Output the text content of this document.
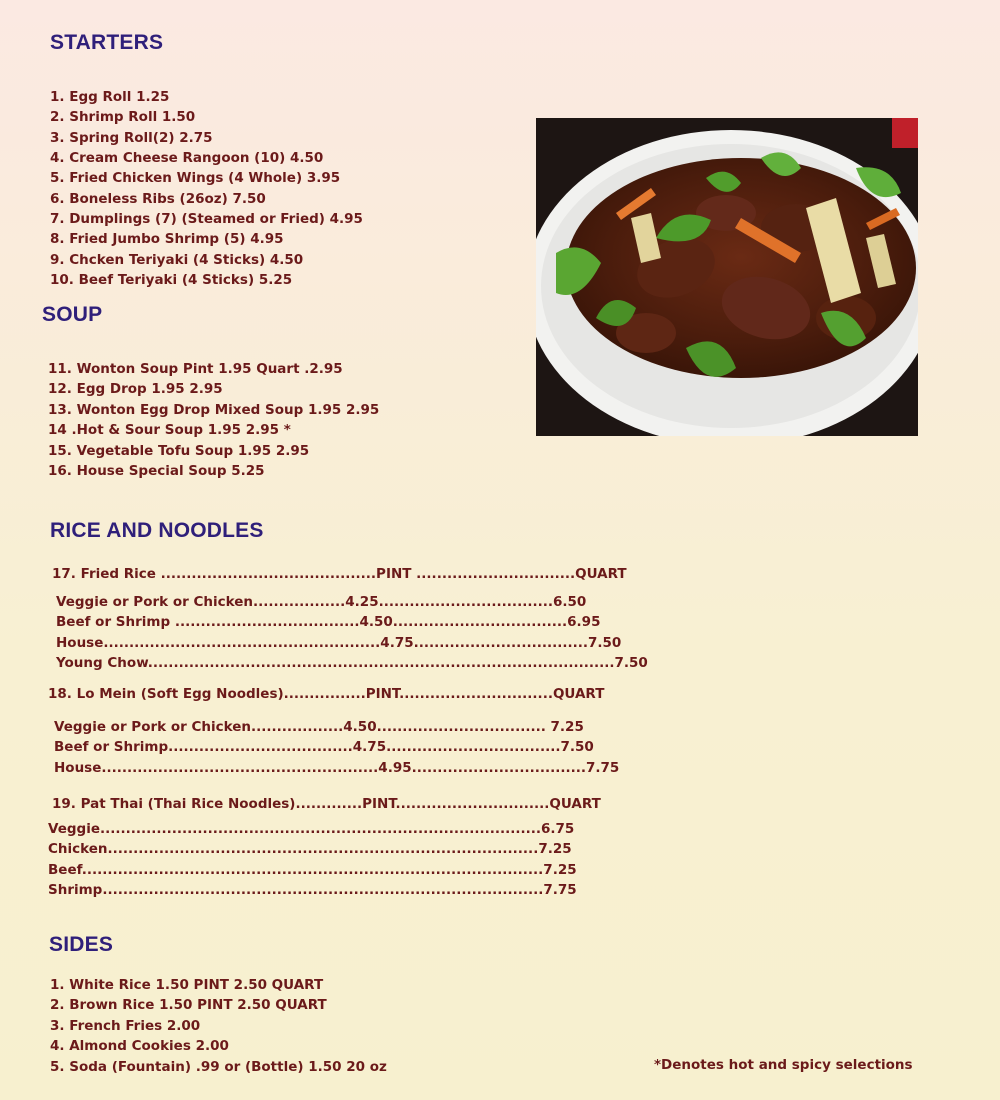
STARTERS

1. Egg Roll 1.25

2. Shrimp Roll 1.50

3. Spring Roll(2) 2.75

4. Cream Cheese Rangoon (10) 4.50

5. Fried Chicken Wings (4 Whole) 3.95

6. Boneless Ribs (26oz) 7.50

7. Dumplings (7) (Steamed or Fried) 4.95

8. Fried Jumbo Shrimp (5) 4.95

9. Chcken Teriyaki (4 Sticks) 4.50

10. Beef Teriyaki (4 Sticks) 5.25

SOUP

11. Wonton Soup Pint 1.95 Quart .2.95

12. Egg Drop 1.95 2.95

13. Wonton Egg Drop Mixed Soup 1.95 2.95

14 .Hot & Sour Soup 1.95 2.95 *

15. Vegetable Tofu Soup 1.95 2.95

16. House Special Soup 5.25

RICE AND NOODLES

17. Fried Rice ..........................................PINT ...............................QUART

Veggie or Pork or Chicken..................4.25..................................6.50

Beef or Shrimp ....................................4.50..................................6.95

House......................................................4.75..................................7.50

Young Chow...........................................................................................7.50

18. Lo Mein (Soft Egg Noodles)................PINT..............................QUART

Veggie or Pork or Chicken..................4.50................................. 7.25

Beef or Shrimp....................................4.75..................................7.50

House......................................................4.95..................................7.75

19. Pat Thai (Thai Rice Noodles).............PINT..............................QUART

Veggie......................................................................................6.75

Chicken....................................................................................7.25

Beef..........................................................................................7.25

Shrimp......................................................................................7.75

SIDES

1. White Rice 1.50 PINT 2.50 QUART

2. Brown Rice 1.50 PINT 2.50 QUART

3. French Fries 2.00

4. Almond Cookies 2.00

5. Soda (Fountain) .99 or (Bottle) 1.50 20 oz	*Denotes hot and spicy selections
